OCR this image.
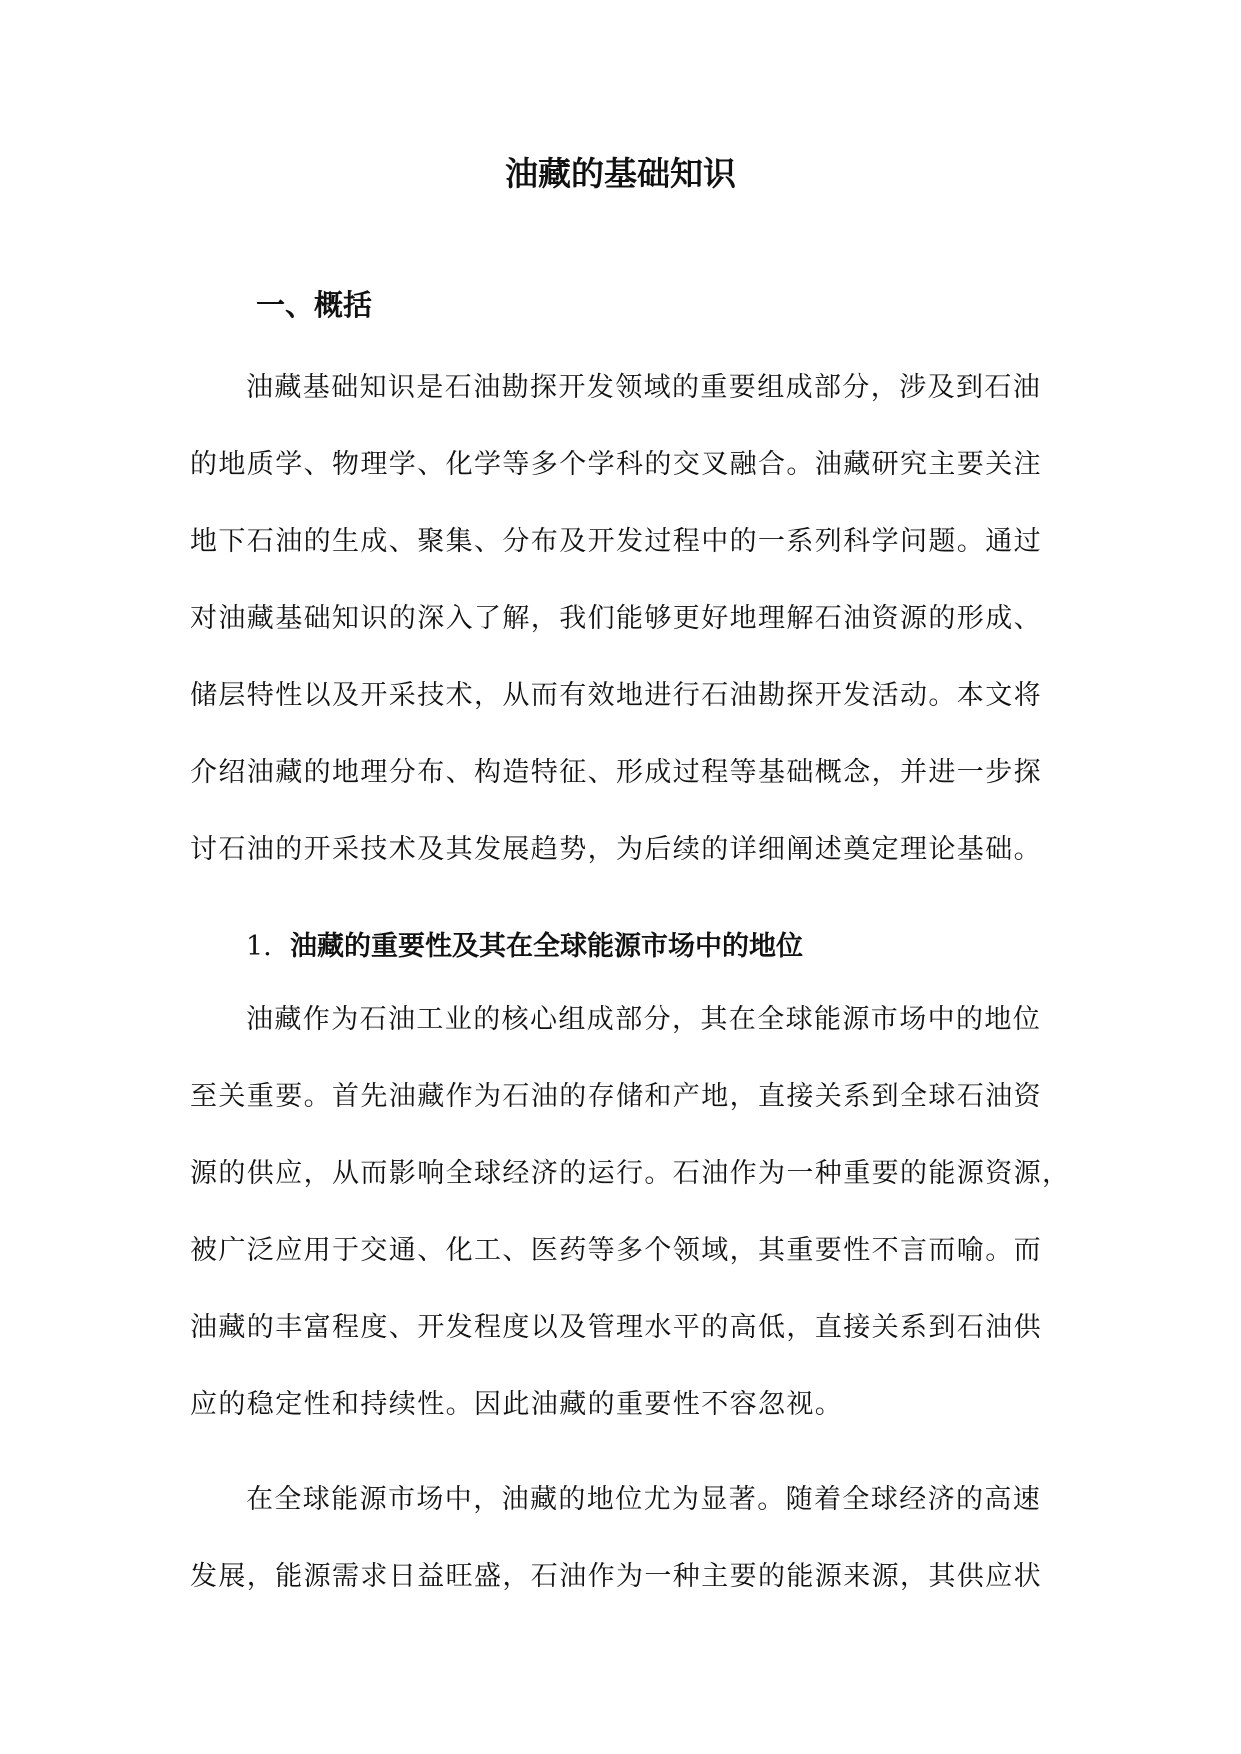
油藏的基础知识
一、概括

油藏基础知识是石油勘探开发领域的重要组成部分，涉及到石油
的地质学、物理学、化学等多个学科的交叉融合。油藏研究主要关注
地下石油的生成、聚集、分布及开发过程中的一系列科学问题。通过
对油藏基础知识的深入了解，我们能够更好地理解石油资源的形成、
储层特性以及开采技术，从而有效地进行石油勘探开发活动。本文将
介绍油藏的地理分布、构造特征、形成过程等基础概念，并进一步探
讨石油的开采技术及其发展趋势，为后续的详细阐述奠定理论基础。

1. 油藏的重要性及其在全球能源市场中的地位

油藏作为石油工业的核心组成部分，其在全球能源市场中的地位
至关重要。首先油藏作为石油的存储和产地，直接关系到全球石油资
源的供应，从而影响全球经济的运行。石油作为一种重要的能源资源，
被广泛应用于交通、化工、医药等多个领域，其重要性不言而喻。而
油藏的丰富程度、开发程度以及管理水平的高低，直接关系到石油供
应的稳定性和持续性。因此油藏的重要性不容忽视。

在全球能源市场中，油藏的地位尤为显著。随着全球经济的高速
发展，能源需求日益旺盛，石油作为一种主要的能源来源，其供应状
